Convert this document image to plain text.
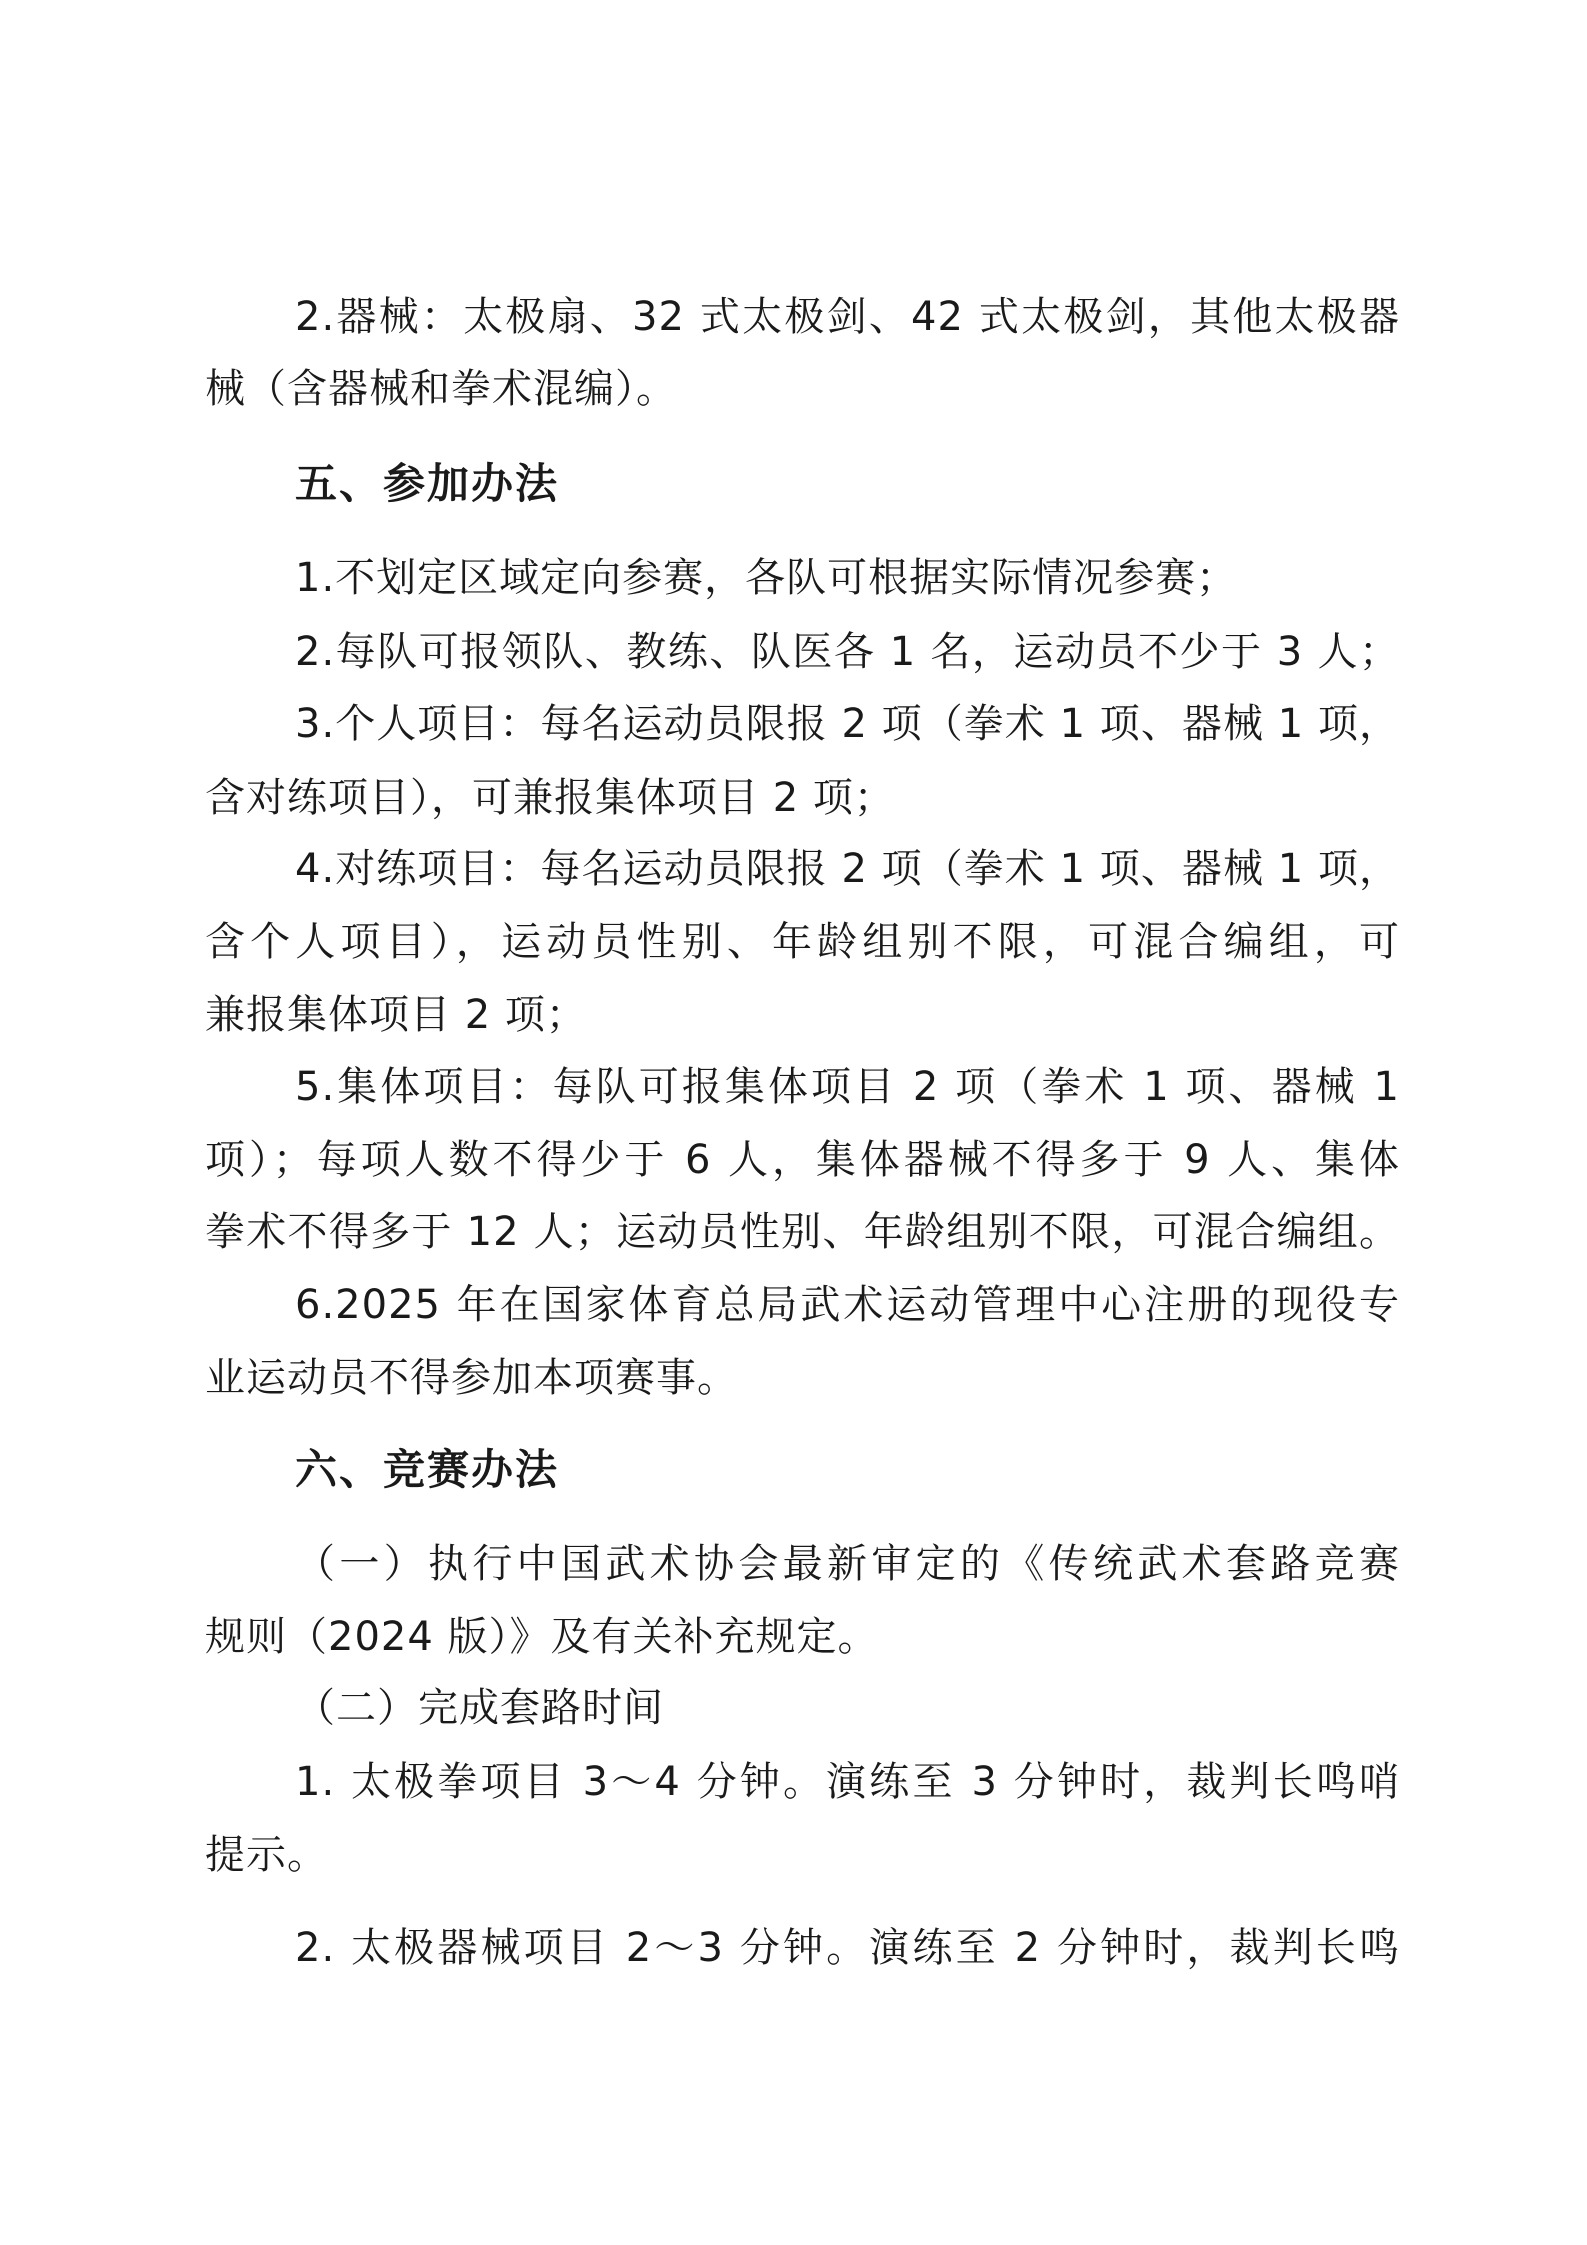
2.器械：太极扇、32 式太极剑、42 式太极剑，其他太极器
械（含器械和拳术混编）。
五、参加办法
1.不划定区域定向参赛，各队可根据实际情况参赛；
2.每队可报领队、教练、队医各 1 名，运动员不少于 3 人；
3.个人项目：每名运动员限报 2 项（拳术 1 项、器械 1 项，
含对练项目），可兼报集体项目 2 项；
4.对练项目：每名运动员限报 2 项（拳术 1 项、器械 1 项，
含个人项目），运动员性别、年龄组别不限，可混合编组，可
兼报集体项目 2 项；
5.集体项目：每队可报集体项目 2 项（拳术 1 项、器械 1
项）；每项人数不得少于 6 人，集体器械不得多于 9 人、集体
拳术不得多于 12 人；运动员性别、年龄组别不限，可混合编组。
6.2025 年在国家体育总局武术运动管理中心注册的现役专
业运动员不得参加本项赛事。
六、竞赛办法
（一）执行中国武术协会最新审定的《传统武术套路竞赛
规则（2024 版）》及有关补充规定。
（二）完成套路时间
1. 太极拳项目 3～4 分钟。演练至 3 分钟时，裁判长鸣哨
提示。
2. 太极器械项目 2～3 分钟。演练至 2 分钟时，裁判长鸣
